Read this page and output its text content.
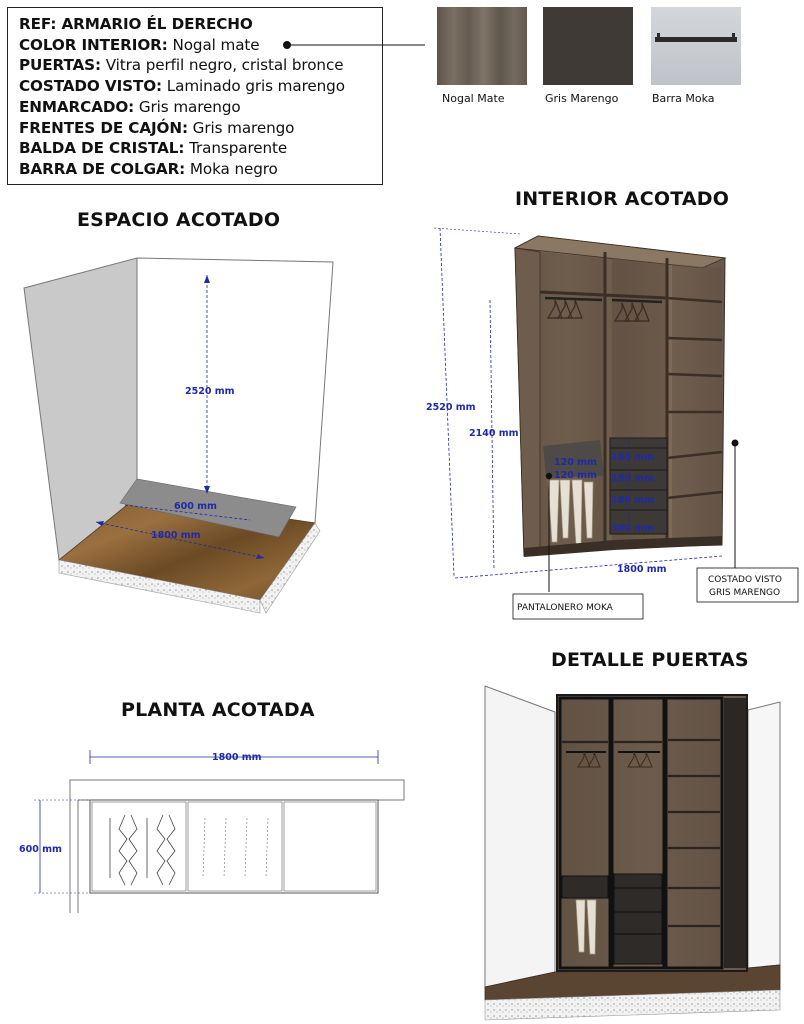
REF: ARMARIO ÉL DERECHO
COLOR INTERIOR: Nogal mate
PUERTAS: Vitra perfil negro, cristal bronce
COSTADO VISTO: Laminado gris marengo
ENMARCADO: Gris marengo
FRENTES DE CAJÓN: Gris marengo
BALDA DE CRISTAL: Transparente
BARRA DE COLGAR: Moka negro
Nogal Mate	Gris Marengo	Barra Moka
ESPACIO ACOTADO
INTERIOR ACOTADO
PLANTA ACOTADA
DETALLE PUERTAS
2520 mm
600 mm
1800 mm
2520 mm
2140 mm
1800 mm
120 mm
120 mm
180 mm
180 mm
180 mm
300 mm
PANTALONERO MOKA
COSTADO VISTO
GRIS MARENGO
1800 mm
600 mm
